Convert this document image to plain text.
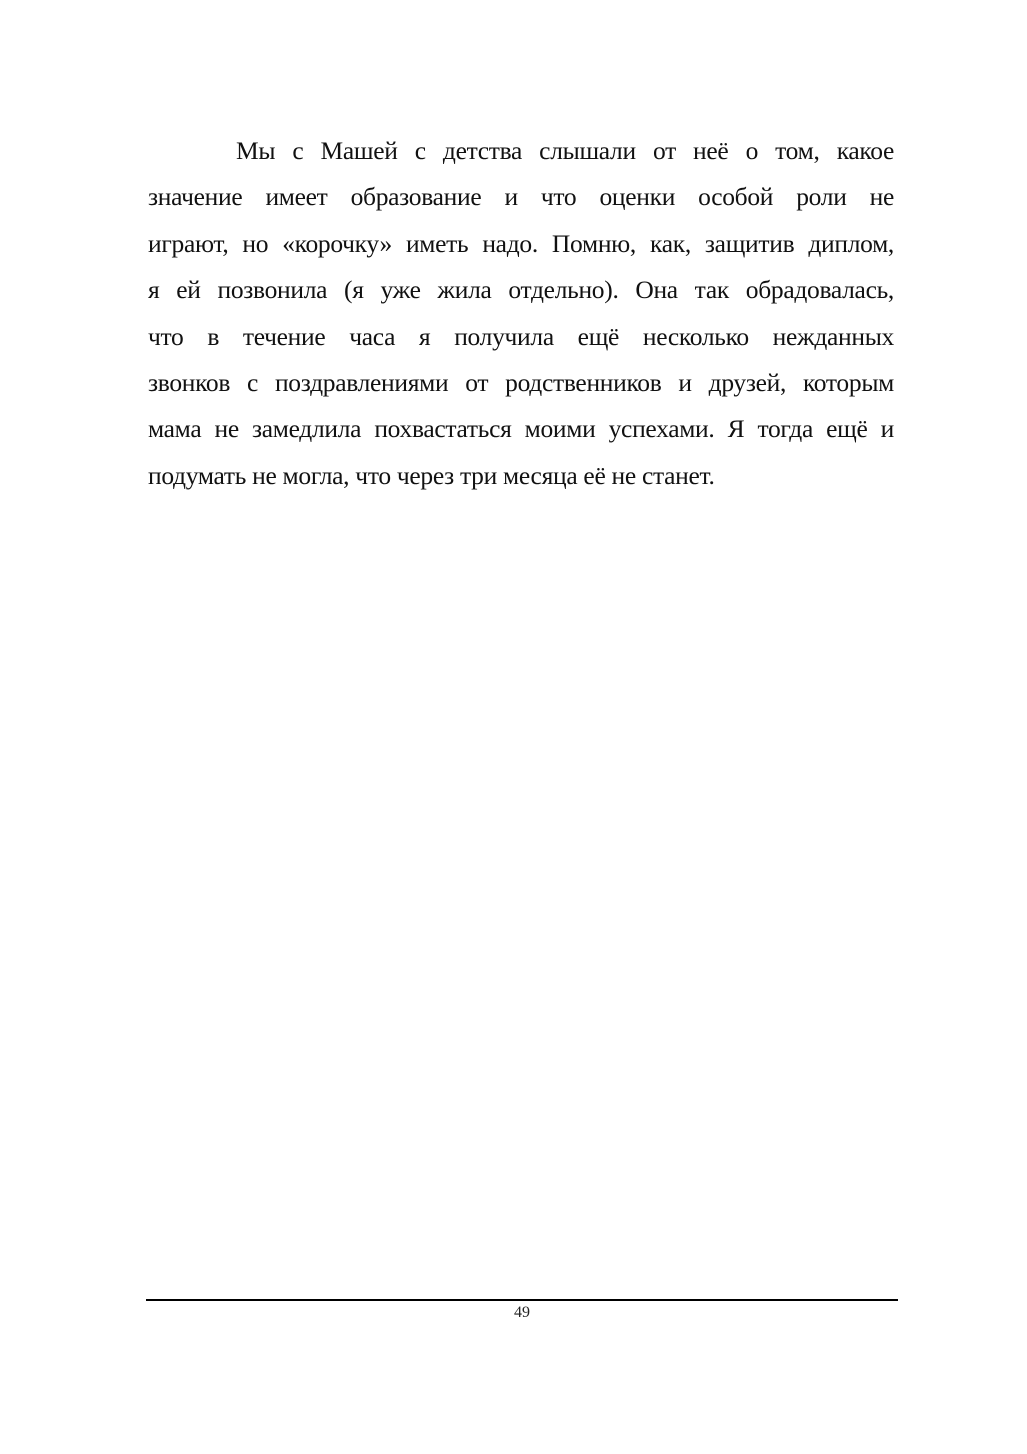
Мы с Машей с детства слышали от неё о том, какое
значение имеет образование и что оценки особой роли не
играют, но «корочку» иметь надо. Помню, как, защитив диплом,
я ей позвонила (я уже жила отдельно). Она так обрадовалась,
что в течение часа я получила ещё несколько нежданных
звонков с поздравлениями от родственников и друзей, которым
мама не замедлила похвастаться моими успехами. Я тогда ещё и
подумать не могла, что через три месяца её не станет.
49
